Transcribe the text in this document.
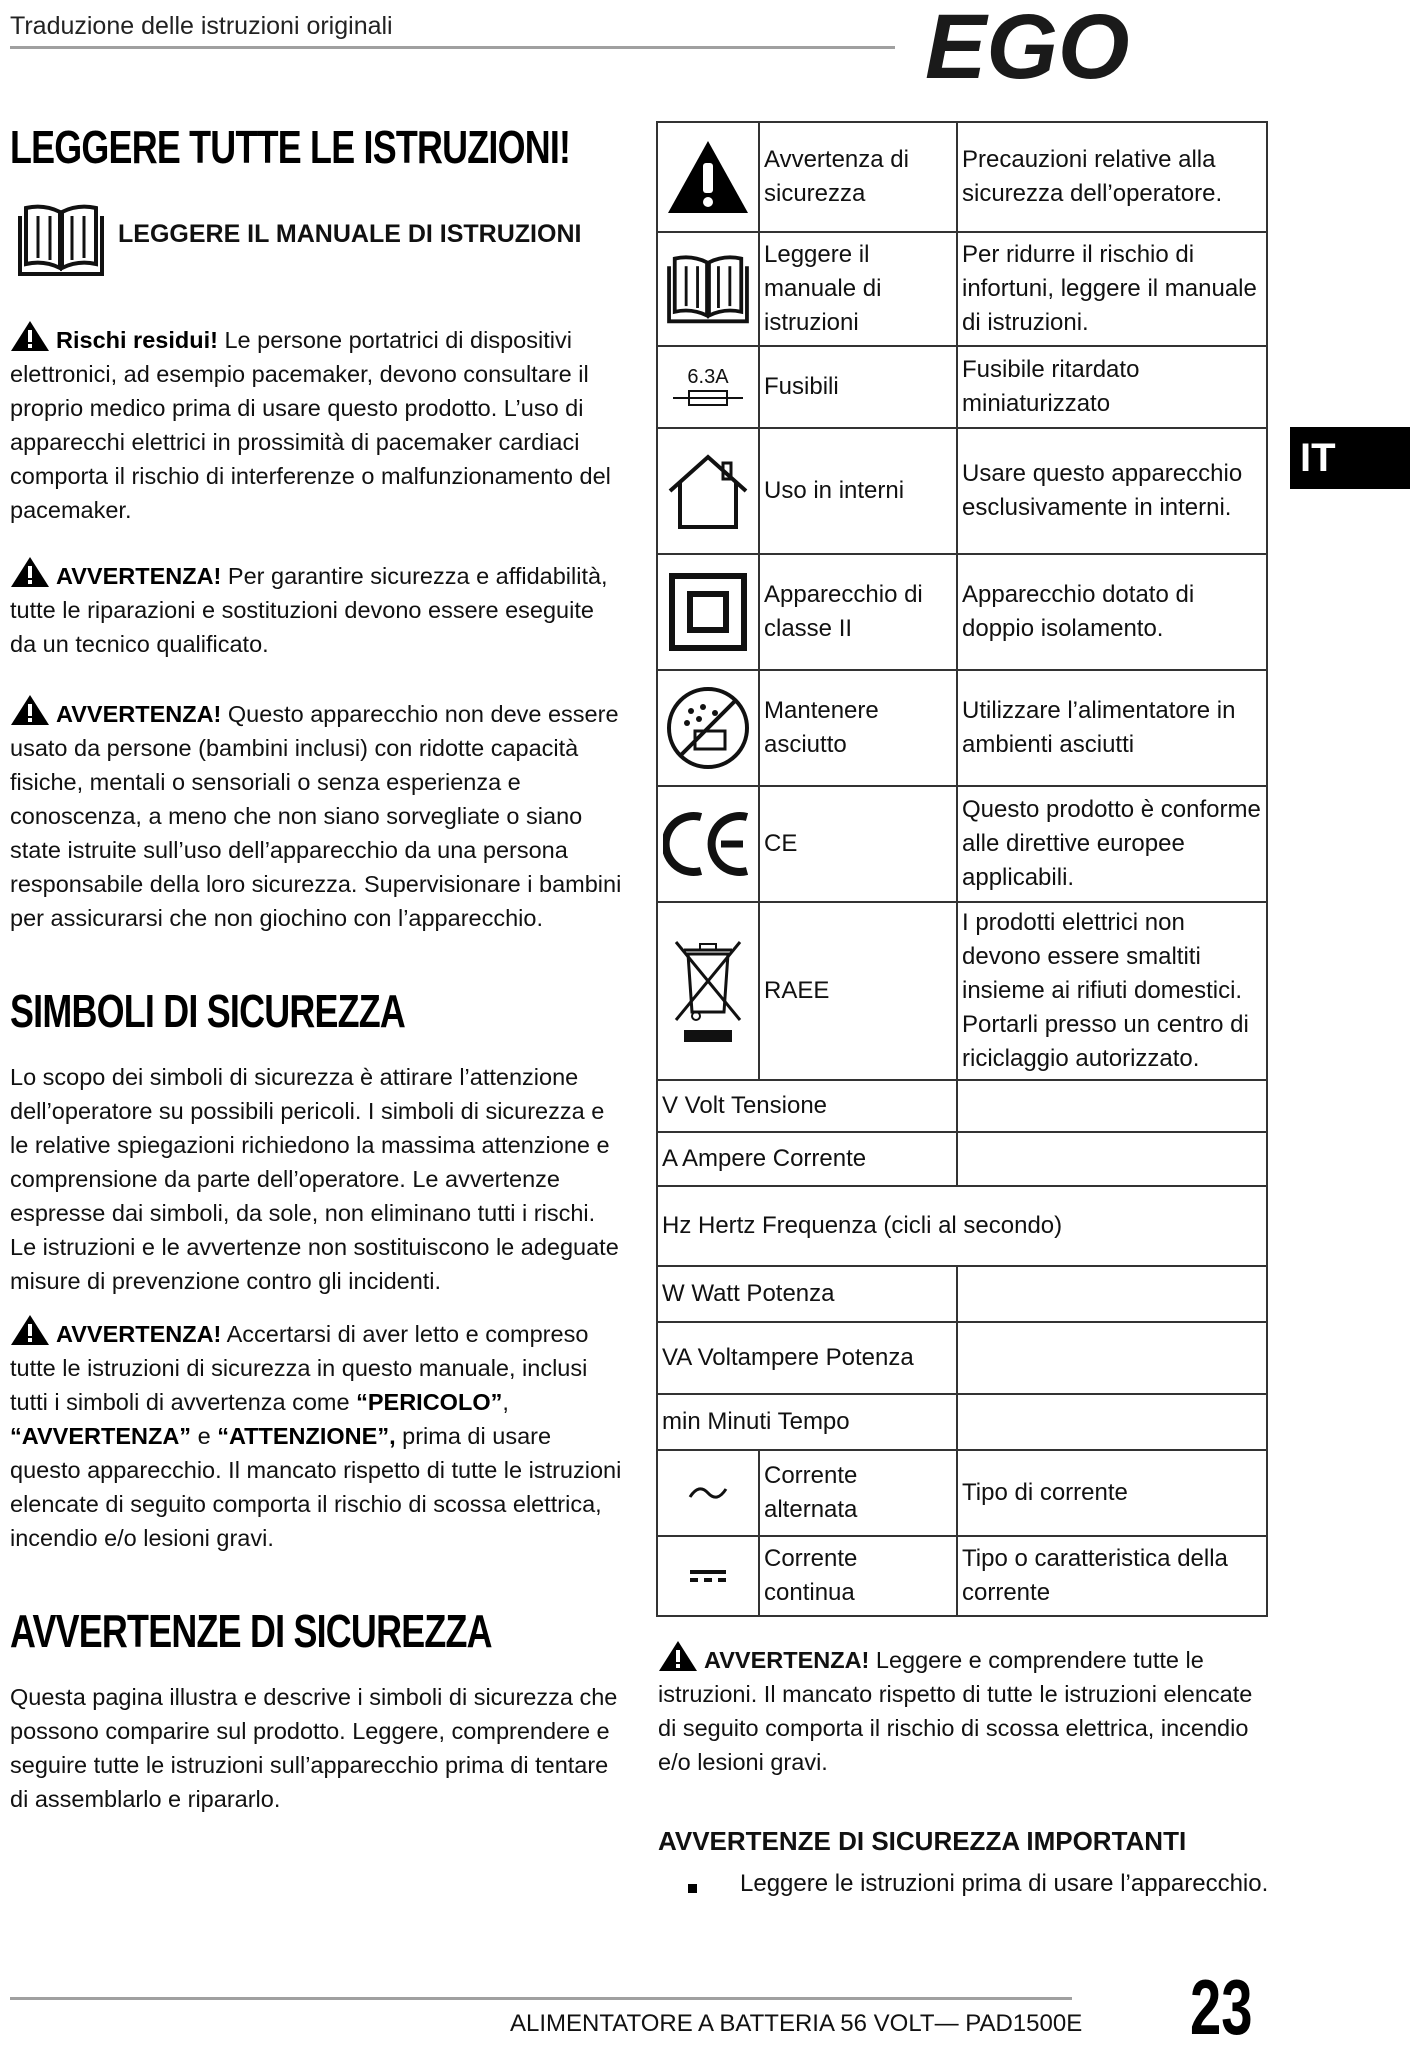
Traduzione delle istruzioni originali	EGO
LEGGERE TUTTE LE ISTRUZIONI!
LEGGERE IL MANUALE DI ISTRUZIONI
Rischi residui! Le persone portatrici di dispositivi elettronici, ad esempio pacemaker, devono consultare il proprio medico prima di usare questo prodotto. L’uso di apparecchi elettrici in prossimità di pacemaker cardiaci comporta il rischio di interferenze o malfunzionamento del pacemaker.
AVVERTENZA! Per garantire sicurezza e affidabilità, tutte le riparazioni e sostituzioni devono essere eseguite da un tecnico qualificato.
AVVERTENZA! Questo apparecchio non deve essere usato da persone (bambini inclusi) con ridotte capacità fisiche, mentali o sensoriali o senza esperienza e conoscenza, a meno che non siano sorvegliate o siano state istruite sull’uso dell’apparecchio da una persona responsabile della loro sicurezza. Supervisionare i bambini per assicurarsi che non giochino con l’apparecchio.
SIMBOLI DI SICUREZZA
Lo scopo dei simboli di sicurezza è attirare l’attenzione dell’operatore su possibili pericoli. I simboli di sicurezza e le relative spiegazioni richiedono la massima attenzione e comprensione da parte dell’operatore. Le avvertenze espresse dai simboli, da sole, non eliminano tutti i rischi. Le istruzioni e le avvertenze non sostituiscono le adeguate misure di prevenzione contro gli incidenti.
AVVERTENZA! Accertarsi di aver letto e compreso tutte le istruzioni di sicurezza in questo manuale, inclusi tutti i simboli di avvertenza come “PERICOLO”, “AVVERTENZA” e “ATTENZIONE”, prima di usare questo apparecchio. Il mancato rispetto di tutte le istruzioni elencate di seguito comporta il rischio di scossa elettrica, incendio e/o lesioni gravi.
AVVERTENZE DI SICUREZZA
Questa pagina illustra e descrive i simboli di sicurezza che possono comparire sul prodotto. Leggere, comprendere e seguire tutte le istruzioni sull’apparecchio prima di tentare di assemblarlo e ripararlo.
	Avvertenza di sicurezza	Precauzioni relative alla sicurezza dell’operatore.

	Leggere il manuale di istruzioni	Per ridurre il rischio di infortuni, leggere il manuale di istruzioni.

6.3A	Fusibili	Fusibile ritardato miniaturizzato

	Uso in interni	Usare questo apparecchio esclusivamente in interni.

	Apparecchio di classe II	Apparecchio dotato di doppio isolamento.

	Mantenere asciutto	Utilizzare l’alimentatore in ambienti asciutti

	CE	Questo prodotto è conforme alle direttive europee applicabili.

	RAEE	I prodotti elettrici non devono essere smaltiti insieme ai rifiuti domestici. Portarli presso un centro di riciclaggio autorizzato.
V Volt Tensione		
A Ampere Corrente		
Hz Hertz Frequenza (cicli al secondo)		
W Watt Potenza		
VA Voltampere Potenza		
min Minuti Tempo		

	Corrente alternata	Tipo di corrente

	Corrente continua	Tipo o caratteristica della corrente
IT
AVVERTENZA! Leggere e comprendere tutte le istruzioni. Il mancato rispetto di tutte le istruzioni elencate di seguito comporta il rischio di scossa elettrica, incendio e/o lesioni gravi.
AVVERTENZE DI SICUREZZA IMPORTANTI
Leggere le istruzioni prima di usare l’apparecchio.
ALIMENTATORE A BATTERIA 56 VOLT— PAD1500E 23
